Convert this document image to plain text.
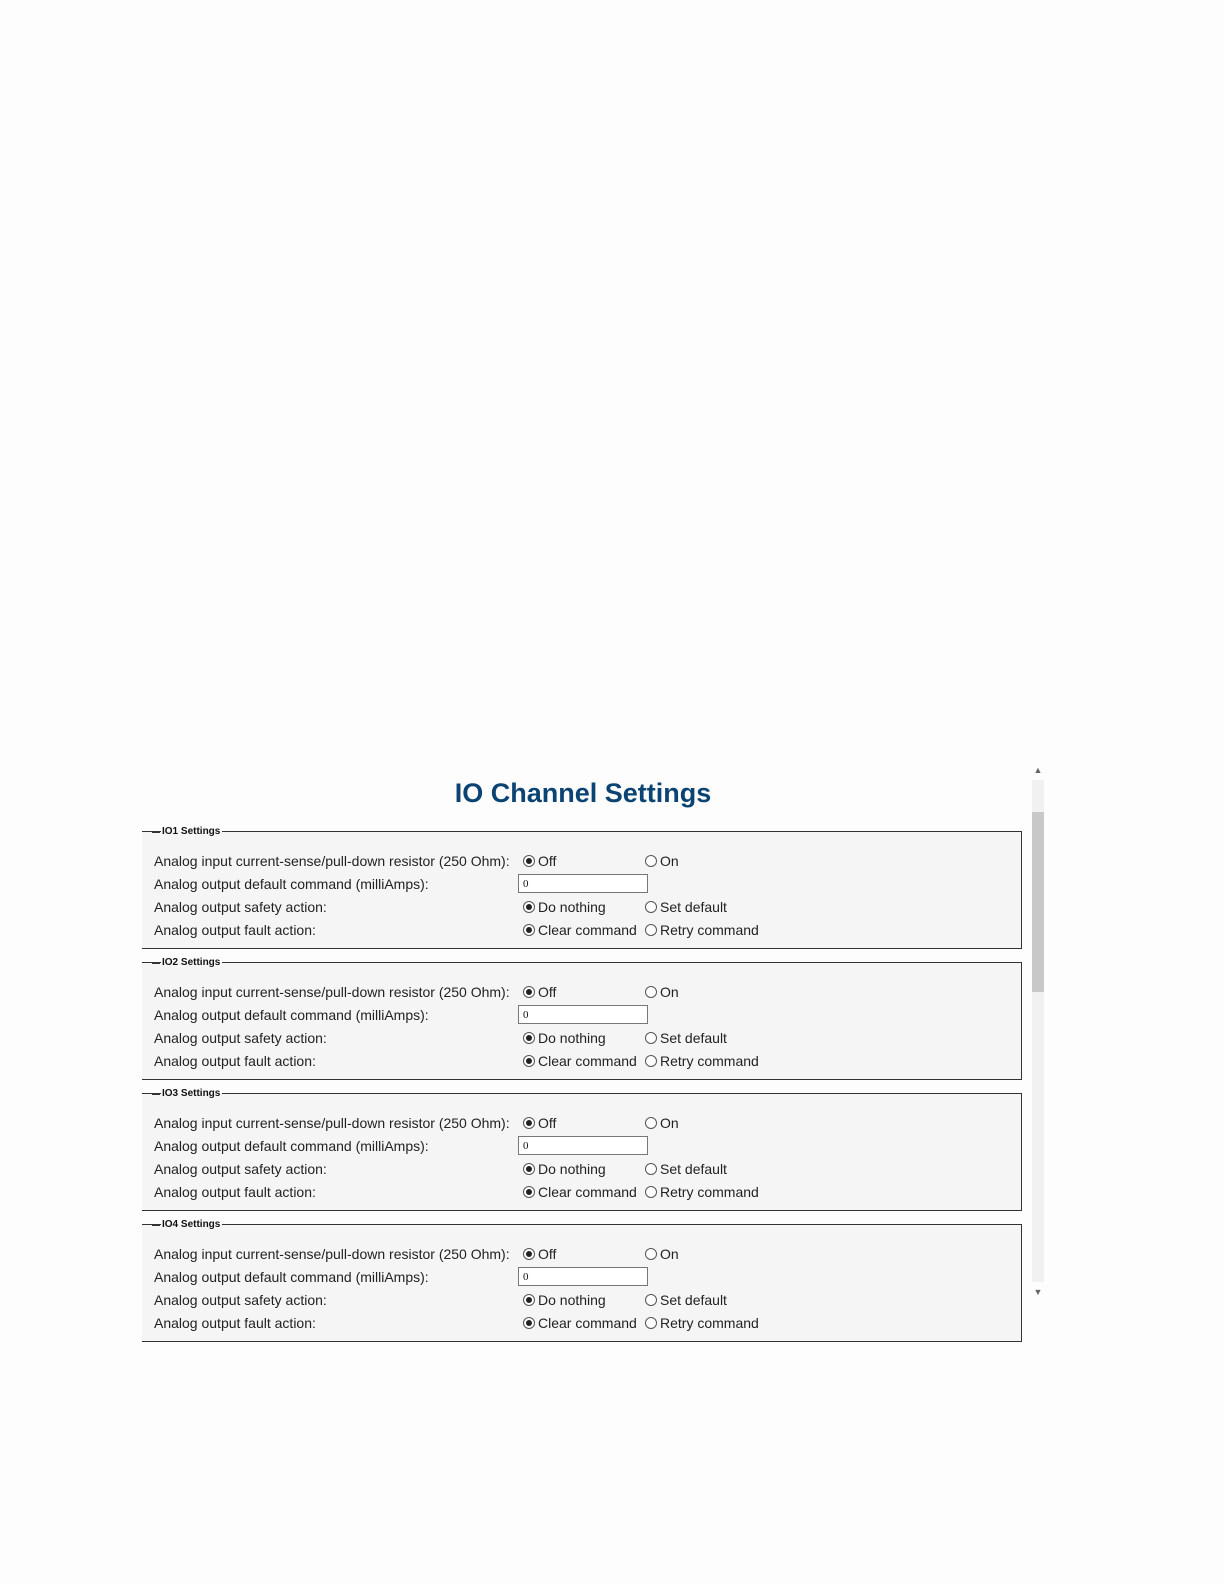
IO Channel Settings
IO1 Settings
Analog input current-sense/pull-down resistor (250 Ohm):	Off	On
Analog output default command (milliAmps):
0
Analog output safety action:	Do nothing	Set default
Analog output fault action:	Clear command Retry command
IO2 Settings
Analog input current-sense/pull-down resistor (250 Ohm):	Off	On
Analog output default command (milliAmps):
0
Analog output safety action:	Do nothing	Set default
Analog output fault action:	Clear command Retry command
IO3 Settings
Analog input current-sense/pull-down resistor (250 Ohm):	Off	On
Analog output default command (milliAmps):
0
Analog output safety action:	Do nothing	Set default
Analog output fault action:	Clear command Retry command
IO4 Settings
Analog input current-sense/pull-down resistor (250 Ohm):	Off	On
Analog output default command (milliAmps):
0
Analog output safety action:	Do nothing	Set default
Analog output fault action:	Clear command Retry command
▲
▼
